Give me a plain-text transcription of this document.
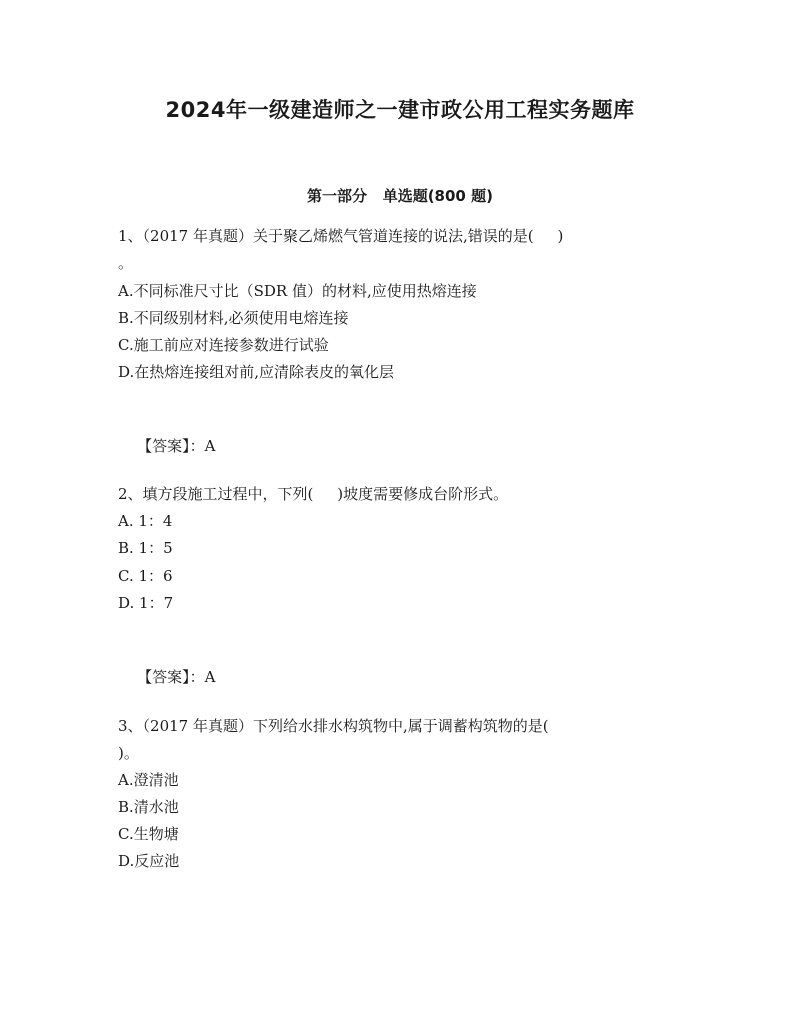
2024年一级建造师之一建市政公用工程实务题库
第一部分   单选题(800 题)
1、（2017 年真题）关于聚乙烯燃气管道连接的说法,错误的是(     )
。
A.不同标准尺寸比（SDR 值）的材料,应使用热熔连接
B.不同级别材料,必须使用电熔连接
C.施工前应对连接参数进行试验
D.在热熔连接组对前,应清除表皮的氧化层

【答案】：A

2、填方段施工过程中，下列(     )坡度需要修成台阶形式。
A. 1：4
B. 1：5
C. 1：6
D. 1：7

【答案】：A

3、（2017 年真题）下列给水排水构筑物中,属于调蓄构筑物的是(
)。
A.澄清池
B.清水池
C.生物塘
D.反应池
